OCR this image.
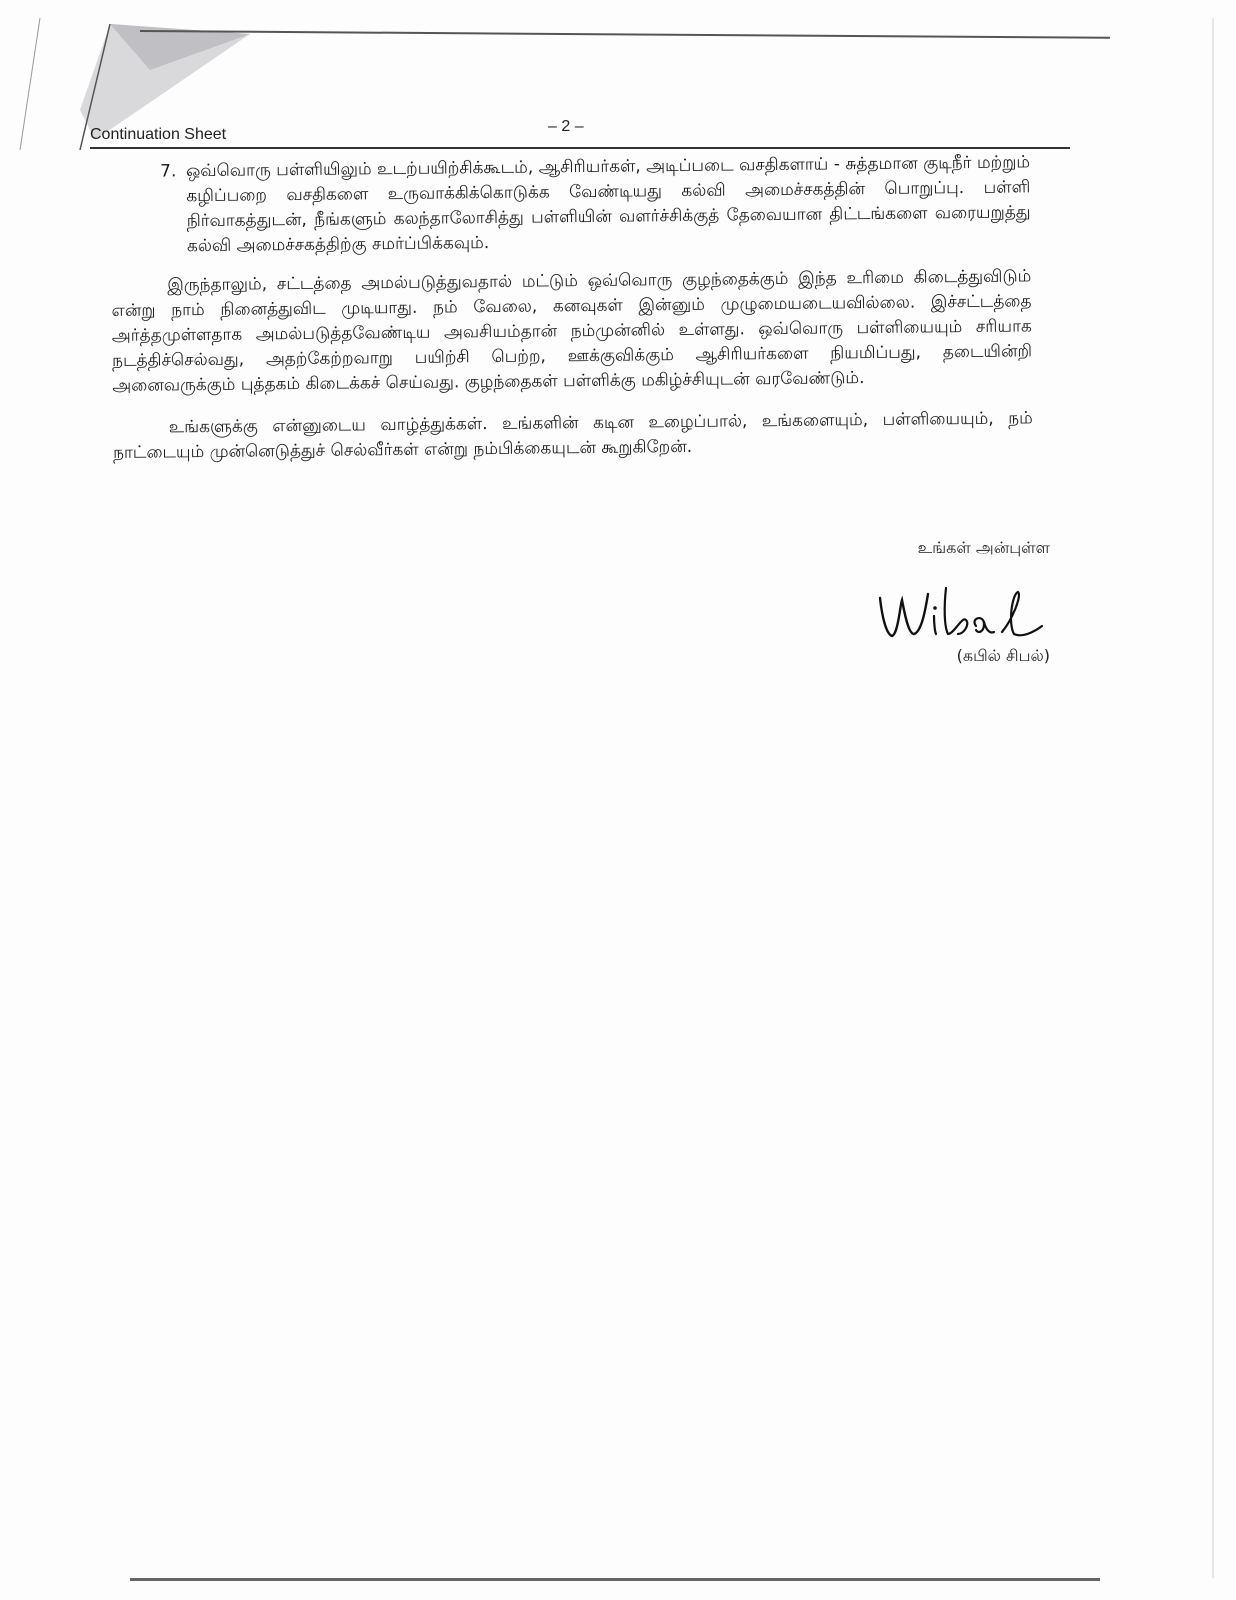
Continuation Sheet	– 2 –
7. ஒவ்வொரு பள்ளியிலும் உடற்பயிற்சிக்கூடம், ஆசிரியர்கள், அடிப்படை வசதிகளாய் - சுத்தமான குடிநீர் மற்றும் கழிப்பறை வசதிகளை உருவாக்கிக்கொடுக்க வேண்டியது கல்வி அமைச்சகத்தின் பொறுப்பு. பள்ளி நிர்வாகத்துடன், நீங்களும் கலந்தாலோசித்து பள்ளியின் வளர்ச்சிக்குத் தேவையான திட்டங்களை வரையறுத்து கல்வி அமைச்சகத்திற்கு சமர்ப்பிக்கவும்.

இருந்தாலும், சட்டத்தை அமல்படுத்துவதால் மட்டும் ஒவ்வொரு குழந்தைக்கும் இந்த உரிமை கிடைத்துவிடும் என்று நாம் நினைத்துவிட முடியாது. நம் வேலை, கனவுகள் இன்னும் முழுமையடையவில்லை. இச்சட்டத்தை அர்த்தமுள்ளதாக அமல்படுத்தவேண்டிய அவசியம்தான் நம்முன்னில் உள்ளது. ஒவ்வொரு பள்ளியையும் சரியாக நடத்திச்செல்வது, அதற்கேற்றவாறு பயிற்சி பெற்ற, ஊக்குவிக்கும் ஆசிரியர்களை நியமிப்பது, தடையின்றி அனைவருக்கும் புத்தகம் கிடைக்கச் செய்வது. குழந்தைகள் பள்ளிக்கு மகிழ்ச்சியுடன் வரவேண்டும்.

உங்களுக்கு என்னுடைய வாழ்த்துக்கள். உங்களின் கடின உழைப்பால், உங்களையும், பள்ளியையும், நம் நாட்டையும் முன்னெடுத்துச் செல்வீர்கள் என்று நம்பிக்கையுடன் கூறுகிறேன்.

உங்கள் அன்புள்ள
(கபில் சிபல்)
